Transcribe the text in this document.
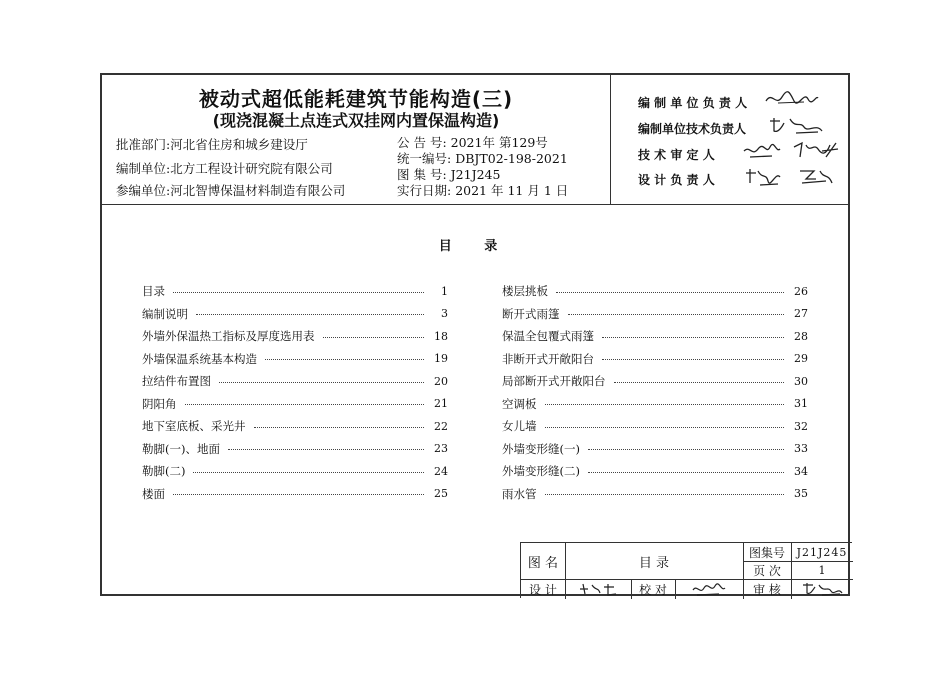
被动式超低能耗建筑节能构造(三)
(现浇混凝土点连式双挂网内置保温构造)
批准部门:河北省住房和城乡建设厅
编制单位:北方工程设计研究院有限公司
参编单位:河北智博保温材料制造有限公司
公 告 号: 2021年 第129号
统一编号: DBJT02-198-2021
图 集 号: J21J245
实行日期: 2021 年 11 月 1 日
编 制 单 位 负 责 人
编制单位技术负责人
技 术 审 定 人
设 计 负 责 人
目 录
目录	1
编制说明	3
外墙外保温热工指标及厚度选用表	18
外墙保温系统基本构造	19
拉结件布置图	20
阴阳角	21
地下室底板、采光井	22
勒脚(一)、地面	23
勒脚(二)	24
楼面	25
楼层挑板	26
断开式雨篷	27
保温全包覆式雨篷	28
非断开式开敞阳台	29
局部断开式开敞阳台	30
空调板	31
女儿墙	32
外墙变形缝(一)	33
外墙变形缝(二)	34
雨水管	35
图 名	目 录
图集号	J21J245
页 次	1
设 计	校 对	审 核
